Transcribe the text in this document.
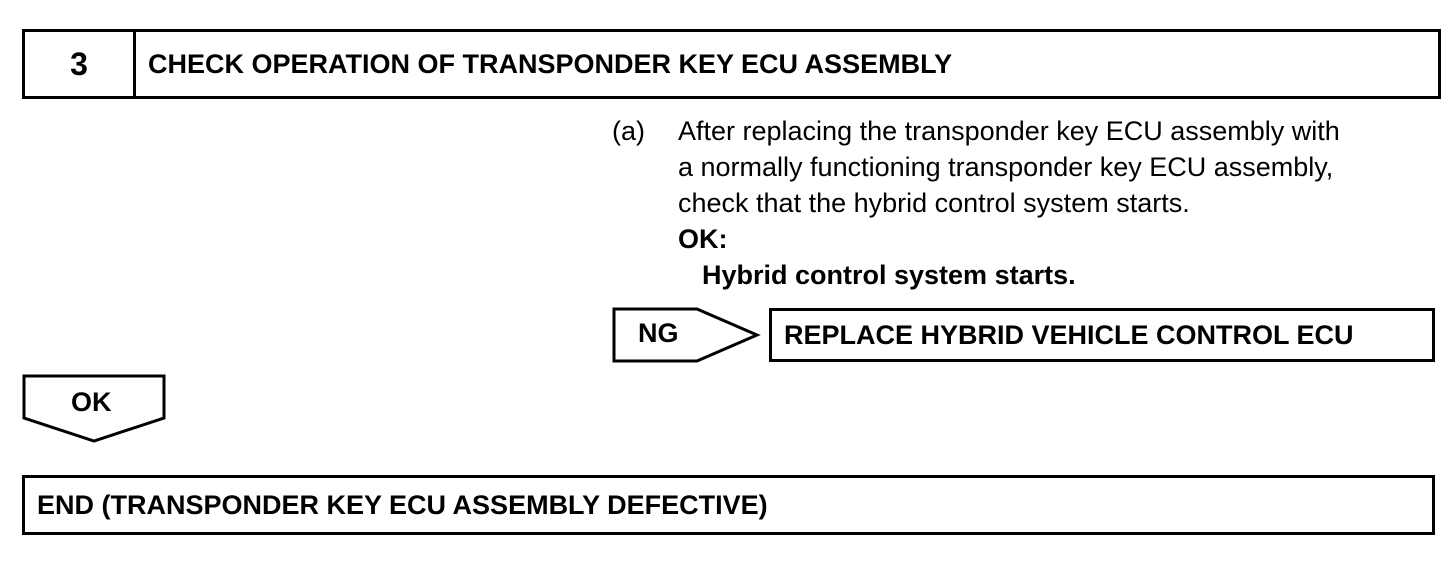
3	CHECK OPERATION OF TRANSPONDER KEY ECU ASSEMBLY
(a)	After replacing the transponder key ECU assembly with
a normally functioning transponder key ECU assembly,
check that the hybrid control system starts.
OK:
Hybrid control system starts.
NG	REPLACE HYBRID VEHICLE CONTROL ECU
OK
END (TRANSPONDER KEY ECU ASSEMBLY DEFECTIVE)
